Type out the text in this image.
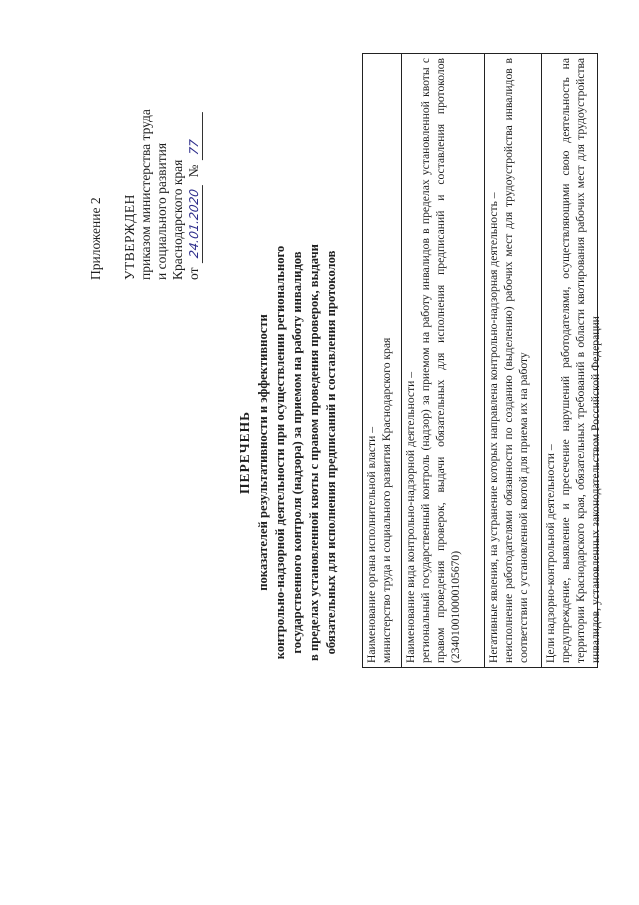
Приложение 2 УТВЕРЖДЕН приказом министерства труда и социального развития Краснодарского края от
24.01.2020
№
77
ПЕРЕЧЕНЬ показателей результативности и эффективности контрольно-надзорной деятельности при осуществлении регионального государственного контроля (надзора) за приемом на работу инвалидов в пределах установленной квоты с правом проведения проверок, выдачи обязательных для исполнения предписаний и составления протоколов Наименование органа исполнительной власти – министерство труда и социального развития Краснодарского края Наименование вида контрольно-надзорной деятельности – региональный государственный контроль (надзор) за приемом на работу инвалидов в пределах установленной квоты с правом проведения проверок, выдачи обязательных для исполнения предписаний и составления протоколов (234010010000105670) Негативные явления, на устранение которых направлена контрольно-надзорная деятельность – неисполнение работодателями обязанности по созданию (выделению) рабочих мест для трудоустройства инвалидов в соответствии с установленной квотой для приема их на работу Цели надзорно-контрольной деятельности – предупреждение, выявление и пресечение нарушений работодателями, осуществляющими свою деятельность на территории Краснодарского края, обязательных требований в области квотирования рабочих мест для трудоустройства инвалидов, установленных законодательством Российской Федерации
